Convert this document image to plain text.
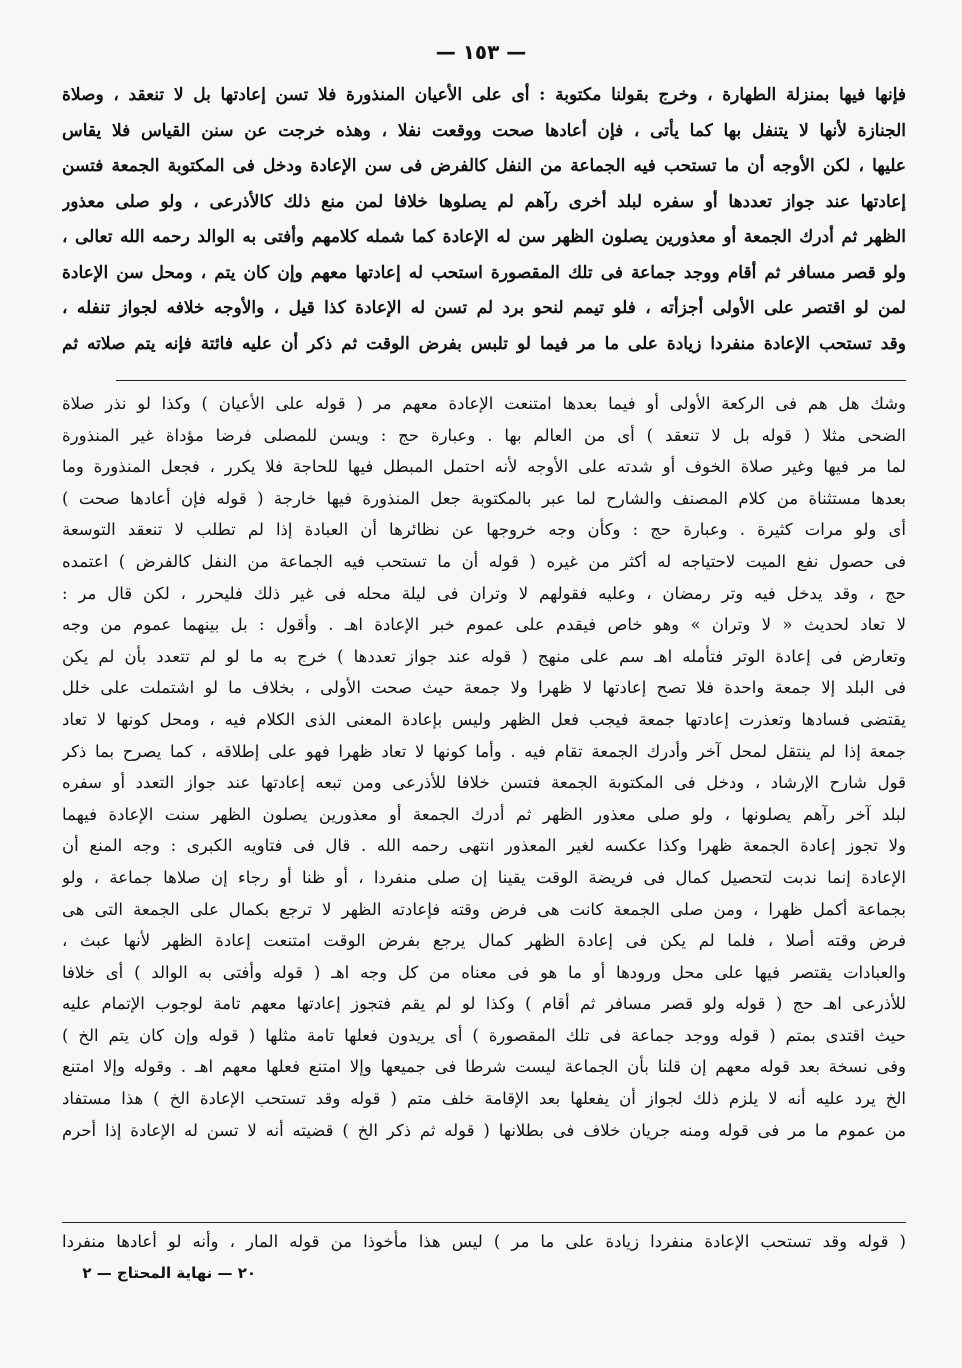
— ١٥٣ —
فإنها فيها بمنزلة الطهارة ، وخرج بقولنا مكتوبة : أى على الأعيان المنذورة فلا تسن إعادتها بل لا تنعقد ، وصلاة
الجنازة لأنها لا يتنفل بها كما يأتى ، فإن أعادها صحت ووقعت نفلا ، وهذه خرجت عن سنن القياس فلا يقاس
عليها ، لكن الأوجه أن ما تستحب فيه الجماعة من النفل كالفرض فى سن الإعادة ودخل فى المكتوبة الجمعة فتسن
إعادتها عند جواز تعددها أو سفره لبلد أخرى رآهم لم يصلوها خلافا لمن منع ذلك كالأذرعى ، ولو صلى معذور
الظهر ثم أدرك الجمعة أو معذورين يصلون الظهر سن له الإعادة كما شمله كلامهم وأفتى به الوالد رحمه الله تعالى ،
ولو قصر مسافر ثم أقام ووجد جماعة فى تلك المقصورة استحب له إعادتها معهم وإن كان يتم ، ومحل سن الإعادة
لمن لو اقتصر على الأولى أجزأته ، فلو تيمم لنحو برد لم تسن له الإعادة كذا قيل ، والأوجه خلافه لجواز تنفله ،
وقد تستحب الإعادة منفردا زيادة على ما مر فيما لو تلبس بفرض الوقت ثم ذكر أن عليه فائتة فإنه يتم صلاته ثم
وشك هل هم فى الركعة الأولى أو فيما بعدها امتنعت الإعادة معهم مر ( قوله على الأعيان ) وكذا لو نذر صلاة
الضحى مثلا ( قوله بل لا تنعقد ) أى من العالم بها . وعبارة حج : ويسن للمصلى فرضا مؤداة غير المنذورة
لما مر فيها وغير صلاة الخوف أو شدته على الأوجه لأنه احتمل المبطل فيها للحاجة فلا يكرر ، فجعل المنذورة وما
بعدها مستثناة من كلام المصنف والشارح لما عبر بالمكتوبة جعل المنذورة فيها خارجة ( قوله فإن أعادها صحت )
أى ولو مرات كثيرة . وعبارة حج : وكأن وجه خروجها عن نظائرها أن العبادة إذا لم تطلب لا تنعقد التوسعة
فى حصول نفع الميت لاحتياجه له أكثر من غيره ( قوله أن ما تستحب فيه الجماعة من النفل كالفرض ) اعتمده
حج ، وقد يدخل فيه وتر رمضان ، وعليه فقولهم لا وتران فى ليلة محله فى غير ذلك فليحرر ، لكن قال مر :
لا تعاد لحديث « لا وتران » وهو خاص فيقدم على عموم خبر الإعادة اهـ . وأقول : بل بينهما عموم من وجه
وتعارض فى إعادة الوتر فتأمله اهـ سم على منهج ( قوله عند جواز تعددها ) خرج به ما لو لم تتعدد بأن لم يكن
فى البلد إلا جمعة واحدة فلا تصح إعادتها لا ظهرا ولا جمعة حيث صحت الأولى ، بخلاف ما لو اشتملت على خلل
يقتضى فسادها وتعذرت إعادتها جمعة فيجب فعل الظهر وليس بإعادة المعنى الذى الكلام فيه ، ومحل كونها لا تعاد
جمعة إذا لم ينتقل لمحل آخر وأدرك الجمعة تقام فيه . وأما كونها لا تعاد ظهرا فهو على إطلاقه ، كما يصرح بما ذكر
قول شارح الإرشاد ، ودخل فى المكتوبة الجمعة فتسن خلافا للأذرعى ومن تبعه إعادتها عند جواز التعدد أو سفره
لبلد آخر رآهم يصلونها ، ولو صلى معذور الظهر ثم أدرك الجمعة أو معذورين يصلون الظهر سنت الإعادة فيهما
ولا تجوز إعادة الجمعة ظهرا وكذا عكسه لغير المعذور انتهى رحمه الله . قال فى فتاويه الكبرى : وجه المنع أن
الإعادة إنما ندبت لتحصيل كمال فى فريضة الوقت يقينا إن صلى منفردا ، أو ظنا أو رجاء إن صلاها جماعة ، ولو
بجماعة أكمل ظهرا ، ومن صلى الجمعة كانت هى فرض وقته فإعادته الظهر لا ترجع بكمال على الجمعة التى هى
فرض وقته أصلا ، فلما لم يكن فى إعادة الظهر كمال يرجع بفرض الوقت امتنعت إعادة الظهر لأنها عبث ،
والعبادات يقتصر فيها على محل ورودها أو ما هو فى معناه من كل وجه اهـ ( قوله وأفتى به الوالد ) أى خلافا
للأذرعى اهـ حج ( قوله ولو قصر مسافر ثم أقام ) وكذا لو لم يقم فتجوز إعادتها معهم تامة لوجوب الإتمام عليه
حيث اقتدى بمتم ( قوله ووجد جماعة فى تلك المقصورة ) أى يريدون فعلها تامة مثلها ( قوله وإن كان يتم الخ )
وفى نسخة بعد قوله معهم إن قلنا بأن الجماعة ليست شرطا فى جميعها وإلا امتنع فعلها معهم اهـ . وقوله وإلا امتنع
الخ يرد عليه أنه لا يلزم ذلك لجواز أن يفعلها بعد الإقامة خلف متم ( قوله وقد تستحب الإعادة الخ ) هذا مستفاد
من عموم ما مر فى قوله ومنه جريان خلاف فى بطلانها ( قوله ثم ذكر الخ ) قضيته أنه لا تسن له الإعادة إذا أحرم
( قوله وقد تستحب الإعادة منفردا زيادة على ما مر ) ليس هذا مأخوذا من قوله المار ، وأنه لو أعادها منفردا
٢٠ — نهاية المحتاج — ٢
